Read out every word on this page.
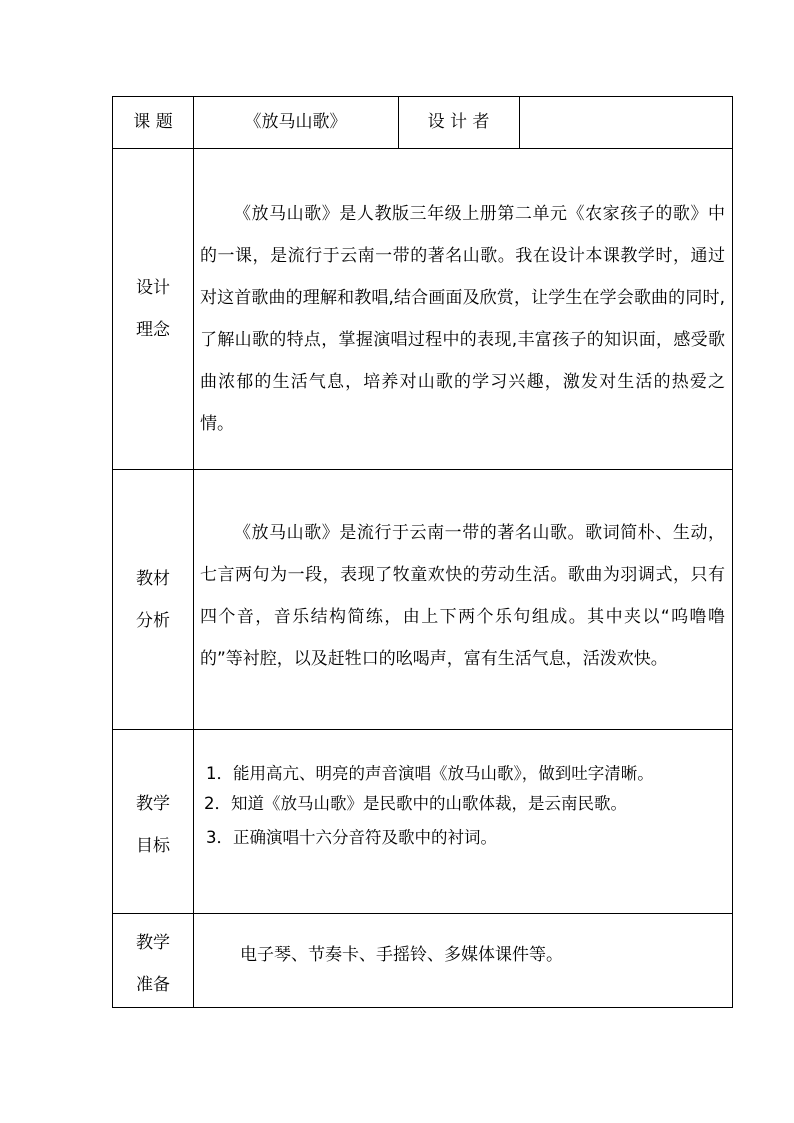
课 题	《放马山歌》	设 计 者
设计
理念

《放马山歌》是人教版三年级上册第二单元《农家孩子的歌》中的一课，是流行于云南一带的著名山歌。我在设计本课教学时，通过对这首歌曲的理解和教唱,结合画面及欣赏，让学生在学会歌曲的同时,了解山歌的特点，掌握演唱过程中的表现,丰富孩子的知识面，感受歌曲浓郁的生活气息，培养对山歌的学习兴趣，激发对生活的热爱之情。

教材
分析

《放马山歌》是流行于云南一带的著名山歌。歌词简朴、生动，七言两句为一段，表现了牧童欢快的劳动生活。歌曲为羽调式，只有四个音，音乐结构简练，由上下两个乐句组成。其中夹以“呜噜噜的”等衬腔，以及赶牲口的吆喝声，富有生活气息，活泼欢快。

教学
目标
1．能用高亢、明亮的声音演唱《放马山歌》，做到吐字清晰。
2．知道《放马山歌》是民歌中的山歌体裁，是云南民歌。
3．正确演唱十六分音符及歌中的衬词。
教学
准备
电子琴、节奏卡、手摇铃、多媒体课件等。
